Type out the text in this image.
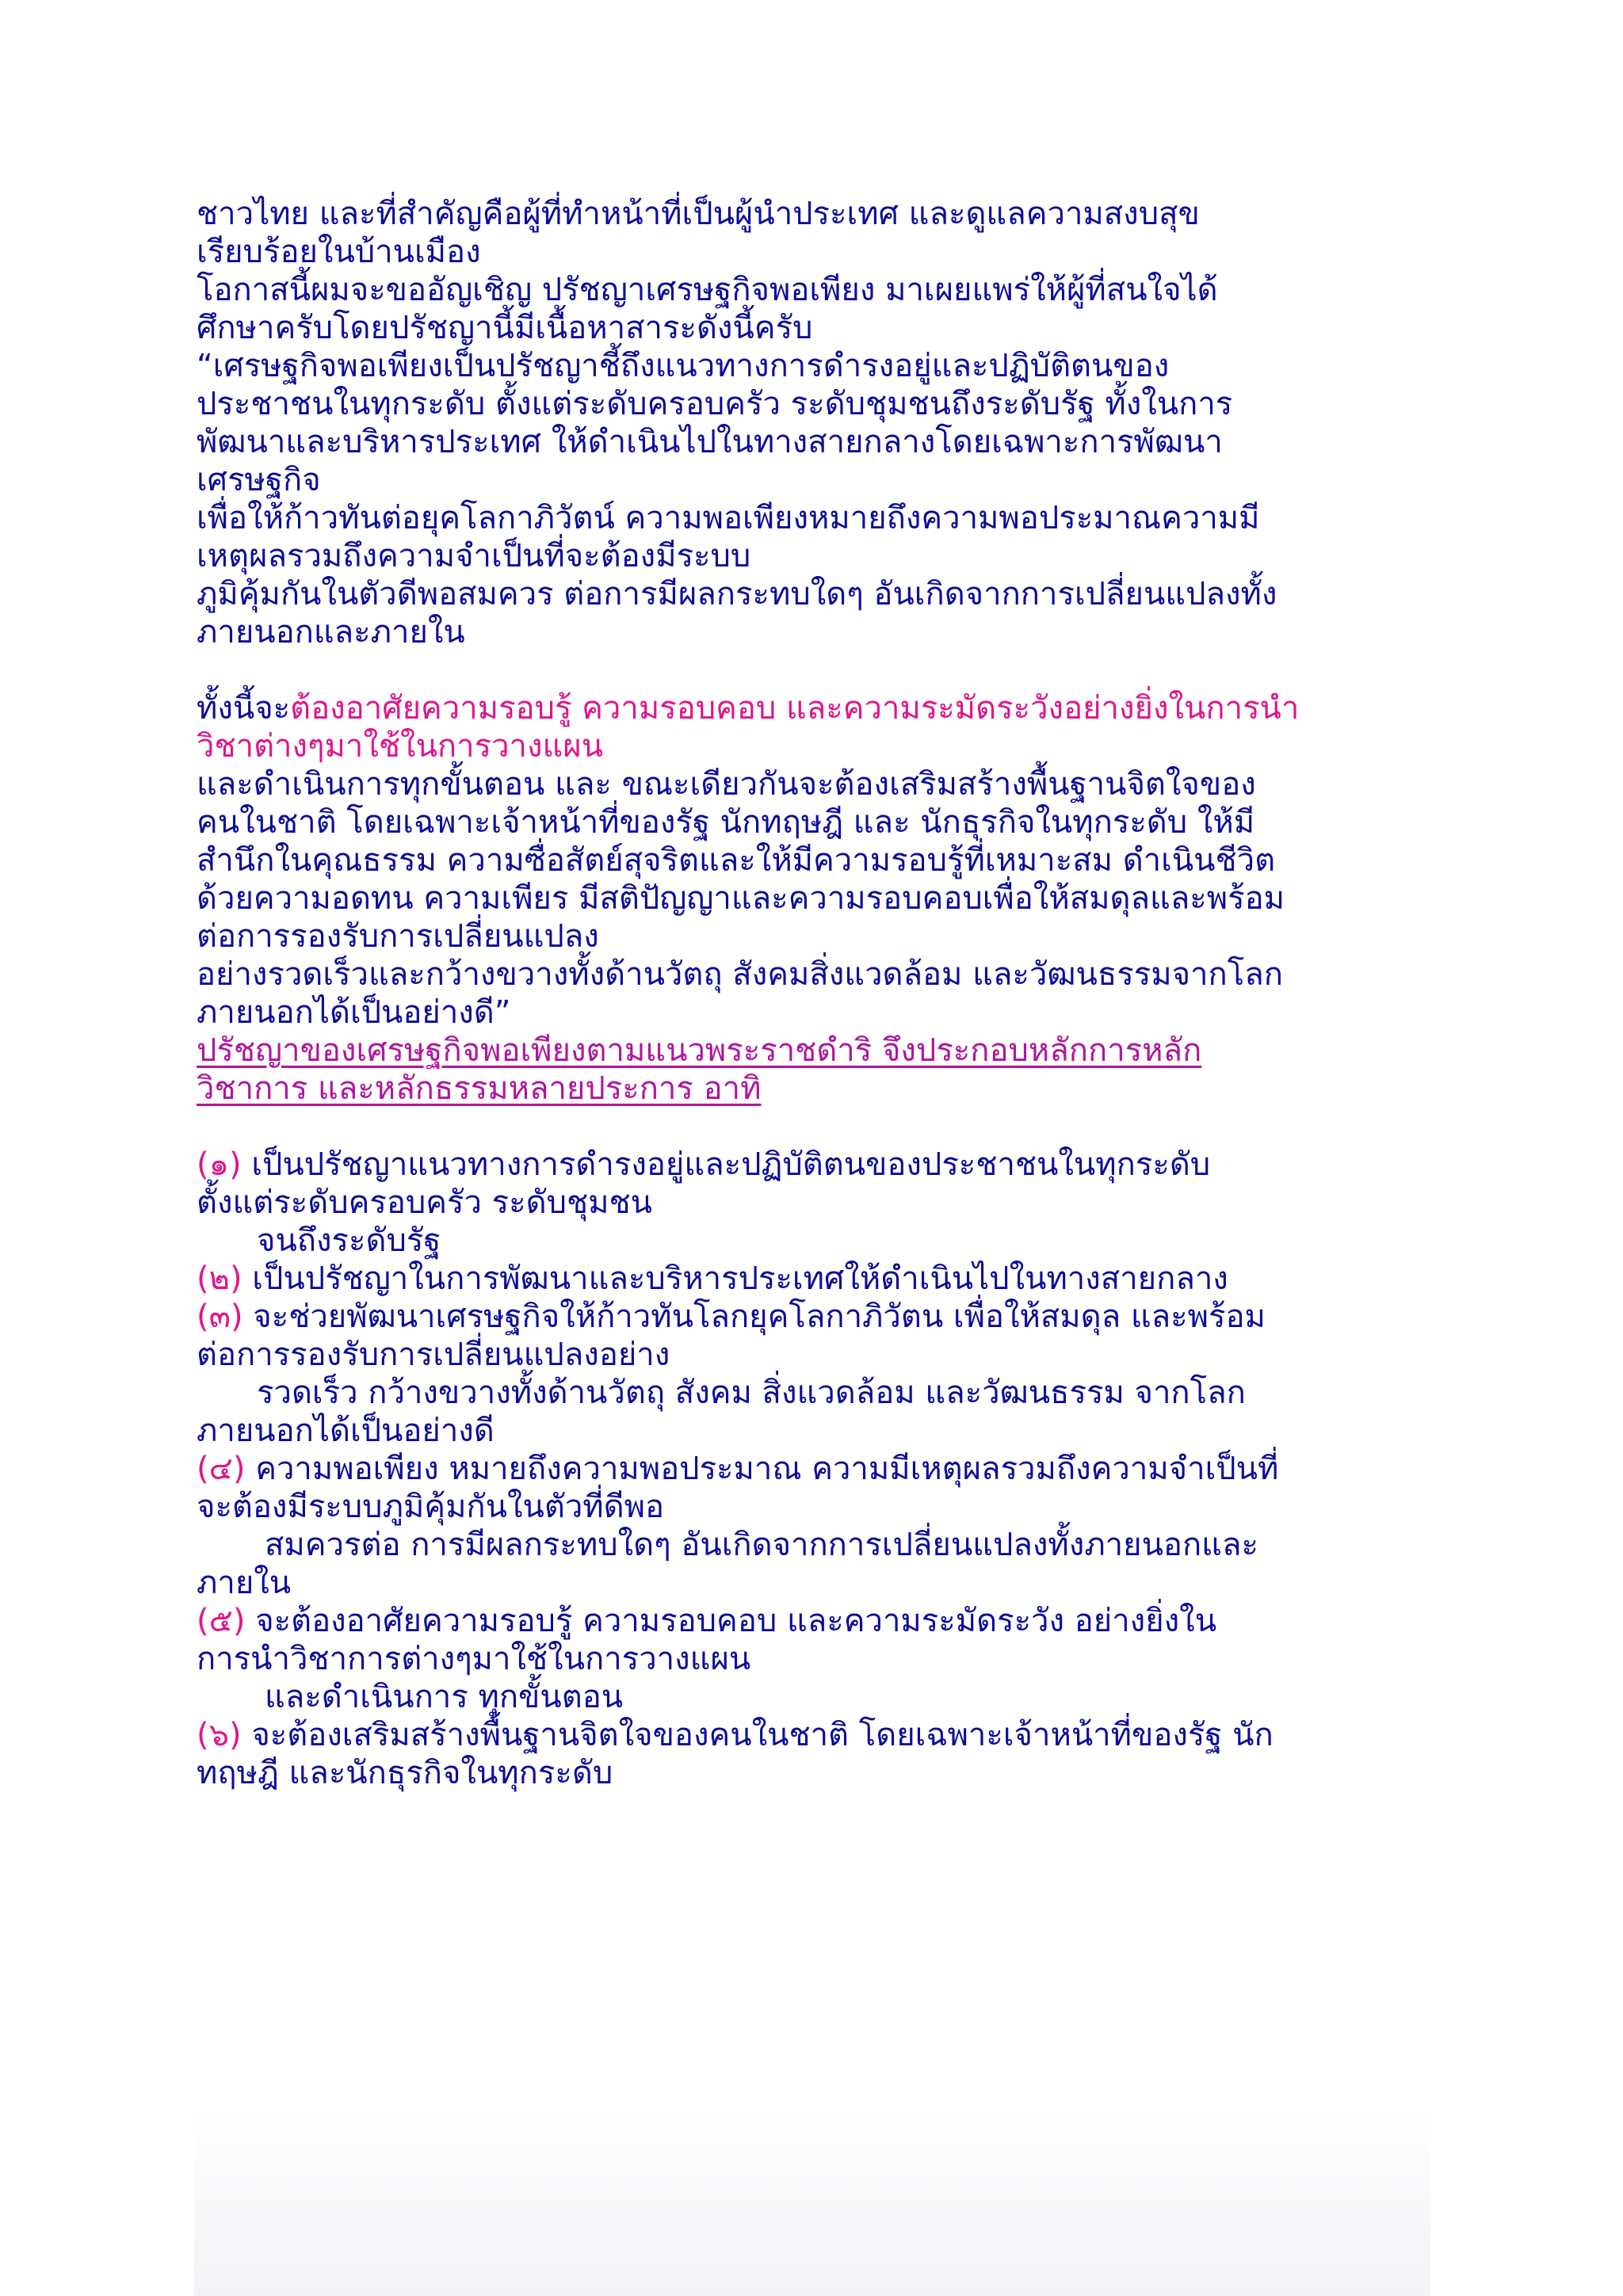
ชาวไทย และที่สำคัญคือผู้ที่ทำหน้าที่เป็นผู้นำประเทศ และดูแลความสงบสุข
เรียบร้อยในบ้านเมือง
โอกาสนี้ผมจะขออัญเชิญ ปรัชญาเศรษฐกิจพอเพียง มาเผยแพร่ให้ผู้ที่สนใจได้
ศึกษาครับโดยปรัชญานี้มีเนื้อหาสาระดังนี้ครับ
“เศรษฐกิจพอเพียงเป็นปรัชญาชี้ถึงแนวทางการดำรงอยู่และปฏิบัติตนของ
ประชาชนในทุกระดับ ตั้งแต่ระดับครอบครัว ระดับชุมชนถึงระดับรัฐ ทั้งในการ
พัฒนาและบริหารประเทศ ให้ดำเนินไปในทางสายกลางโดยเฉพาะการพัฒนา
เศรษฐกิจ
เพื่อให้ก้าวทันต่อยุคโลกาภิวัตน์ ความพอเพียงหมายถึงความพอประมาณความมี
เหตุผลรวมถึงความจำเป็นที่จะต้องมีระบบ
ภูมิคุ้มกันในตัวดีพอสมควร ต่อการมีผลกระทบใดๆ อันเกิดจากการเปลี่ยนแปลงทั้ง
ภายนอกและภายใน
ทั้งนี้จะต้องอาศัยความรอบรู้ ความรอบคอบ และความระมัดระวังอย่างยิ่งในการนำ
วิชาต่างๆมาใช้ในการวางแผน
และดำเนินการทุกขั้นตอน และ ขณะเดียวกันจะต้องเสริมสร้างพื้นฐานจิตใจของ
คนในชาติ โดยเฉพาะเจ้าหน้าที่ของรัฐ นักทฤษฎี และ นักธุรกิจในทุกระดับ ให้มี
สำนึกในคุณธรรม ความซื่อสัตย์สุจริตและให้มีความรอบรู้ที่เหมาะสม ดำเนินชีวิต
ด้วยความอดทน ความเพียร มีสติปัญญาและความรอบคอบเพื่อให้สมดุลและพร้อม
ต่อการรองรับการเปลี่ยนแปลง
อย่างรวดเร็วและกว้างขวางทั้งด้านวัตถุ สังคมสิ่งแวดล้อม และวัฒนธรรมจากโลก
ภายนอกได้เป็นอย่างดี”
ปรัชญาของเศรษฐกิจพอเพียงตามแนวพระราชดำริ จึงประกอบหลักการหลัก
วิชาการ และหลักธรรมหลายประการ อาทิ
(๑) เป็นปรัชญาแนวทางการดำรงอยู่และปฏิบัติตนของประชาชนในทุกระดับ
ตั้งแต่ระดับครอบครัว ระดับชุมชน
จนถึงระดับรัฐ
(๒) เป็นปรัชญาในการพัฒนาและบริหารประเทศให้ดำเนินไปในทางสายกลาง
(๓) จะช่วยพัฒนาเศรษฐกิจให้ก้าวทันโลกยุคโลกาภิวัตน เพื่อให้สมดุล และพร้อม
ต่อการรองรับการเปลี่ยนแปลงอย่าง
รวดเร็ว กว้างขวางทั้งด้านวัตถุ สังคม สิ่งแวดล้อม และวัฒนธรรม จากโลก
ภายนอกได้เป็นอย่างดี
(๔) ความพอเพียง หมายถึงความพอประมาณ ความมีเหตุผลรวมถึงความจำเป็นที่
จะต้องมีระบบภูมิคุ้มกันในตัวที่ดีพอ
สมควรต่อ การมีผลกระทบใดๆ อันเกิดจากการเปลี่ยนแปลงทั้งภายนอกและ
ภายใน
(๕) จะต้องอาศัยความรอบรู้ ความรอบคอบ และความระมัดระวัง อย่างยิ่งใน
การนำวิชาการต่างๆมาใช้ในการวางแผน
และดำเนินการ ทุกขั้นตอน
(๖) จะต้องเสริมสร้างพื้นฐานจิตใจของคนในชาติ โดยเฉพาะเจ้าหน้าที่ของรัฐ นัก
ทฤษฎี และนักธุรกิจในทุกระดับ
